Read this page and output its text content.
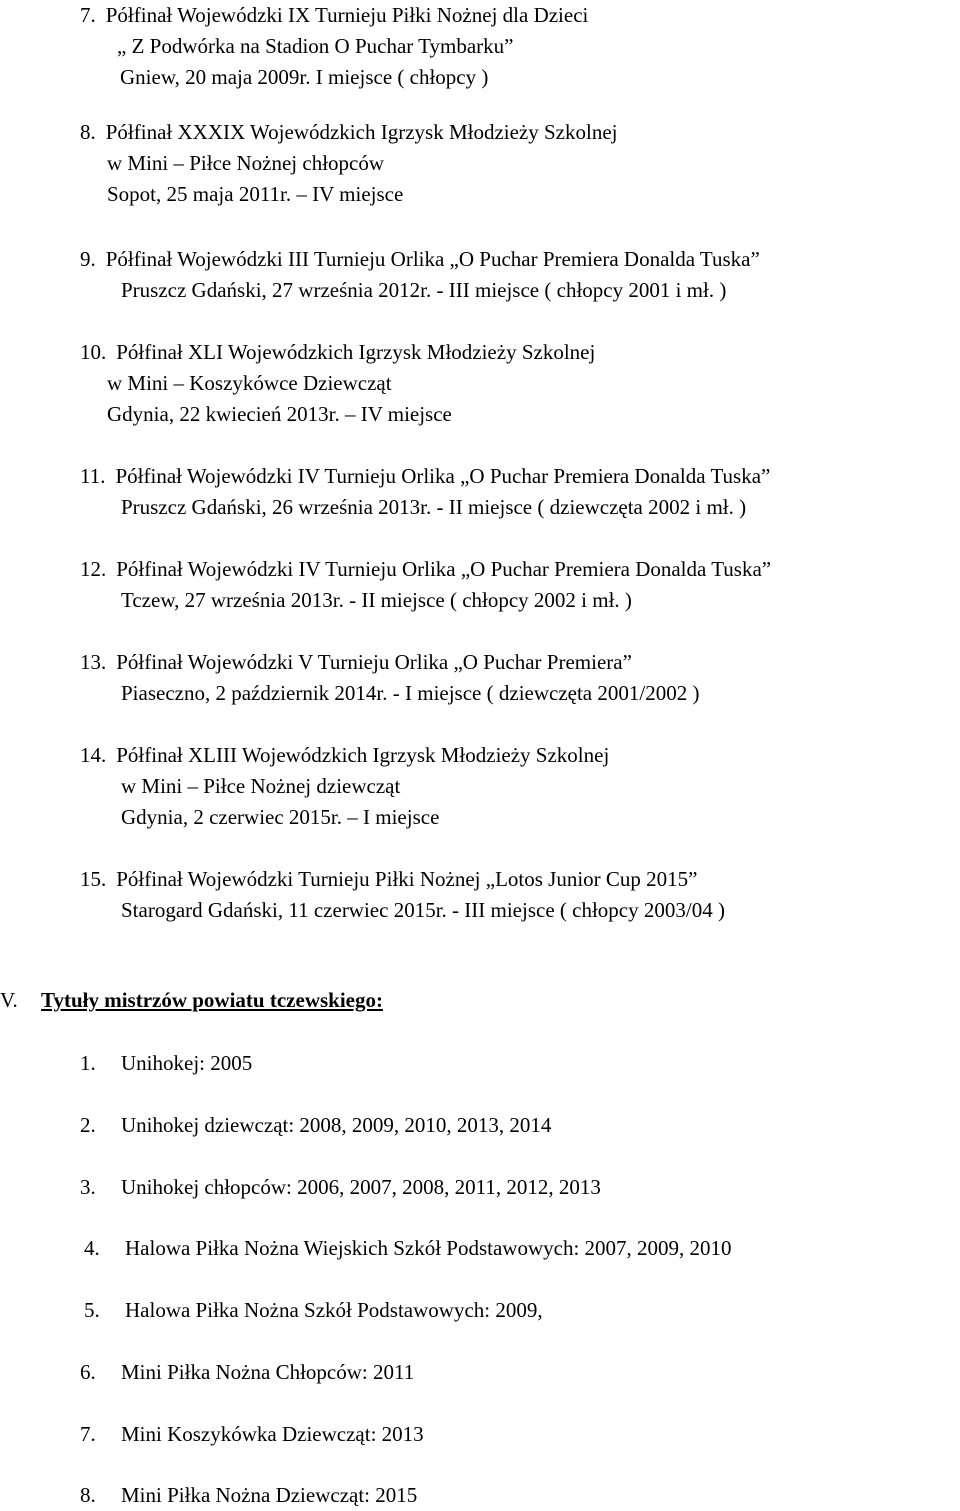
7. Półfinał Wojewódzki IX Turnieju Piłki Nożnej dla Dzieci
„ Z Podwórka na Stadion O Puchar Tymbarku”
Gniew, 20 maja 2009r. I miejsce ( chłopcy )
8. Półfinał XXXIX Wojewódzkich Igrzysk Młodzieży Szkolnej
w Mini – Piłce Nożnej chłopców
Sopot, 25 maja 2011r. – IV miejsce
9. Półfinał Wojewódzki III Turnieju Orlika „O Puchar Premiera Donalda Tuska”
Pruszcz Gdański, 27 września 2012r. - III miejsce ( chłopcy 2001 i mł. )
10. Półfinał XLI Wojewódzkich Igrzysk Młodzieży Szkolnej
w Mini – Koszykówce Dziewcząt
Gdynia, 22 kwiecień 2013r. – IV miejsce
11. Półfinał Wojewódzki IV Turnieju Orlika „O Puchar Premiera Donalda Tuska”
Pruszcz Gdański, 26 września 2013r. - II miejsce ( dziewczęta 2002 i mł. )
12. Półfinał Wojewódzki IV Turnieju Orlika „O Puchar Premiera Donalda Tuska”
Tczew, 27 września 2013r. - II miejsce ( chłopcy 2002 i mł. )
13. Półfinał Wojewódzki V Turnieju Orlika „O Puchar Premiera”
Piaseczno, 2 październik 2014r. - I miejsce ( dziewczęta 2001/2002 )
14. Półfinał XLIII Wojewódzkich Igrzysk Młodzieży Szkolnej
w Mini – Piłce Nożnej dziewcząt
Gdynia, 2 czerwiec 2015r. – I miejsce
15. Półfinał Wojewódzki Turnieju Piłki Nożnej „Lotos Junior Cup 2015”
Starogard Gdański, 11 czerwiec 2015r. - III miejsce ( chłopcy 2003/04 )
V. Tytuły mistrzów powiatu tczewskiego:
1. Unihokej: 2005
2. Unihokej dziewcząt: 2008, 2009, 2010, 2013, 2014
3. Unihokej chłopców: 2006, 2007, 2008, 2011, 2012, 2013
4. Halowa Piłka Nożna Wiejskich Szkół Podstawowych: 2007, 2009, 2010
5. Halowa Piłka Nożna Szkół Podstawowych: 2009,
6. Mini Piłka Nożna Chłopców: 2011
7. Mini Koszykówka Dziewcząt: 2013
8. Mini Piłka Nożna Dziewcząt: 2015
